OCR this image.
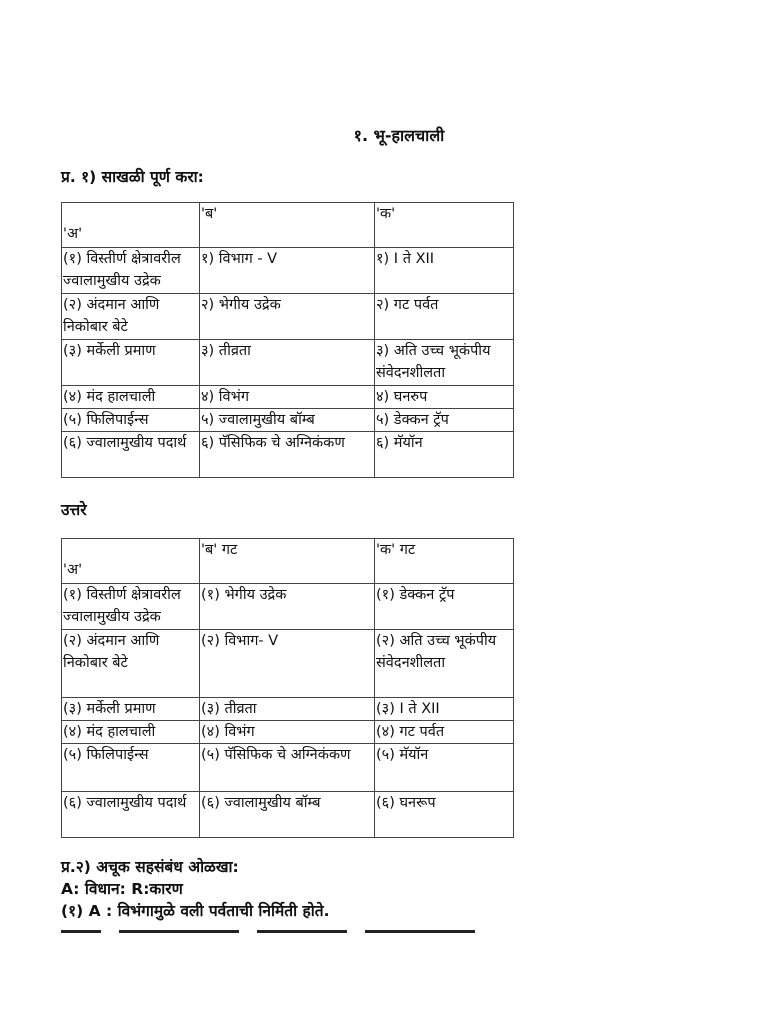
१. भू-हालचाली
प्र. १) साखळी पूर्ण करा:
'अ'	'ब'	'क'
(१) विस्तीर्ण क्षेत्रावरील ज्वालामुखीय उद्रेक	१) विभाग - V	१) I ते XII
(२) अंदमान आणि निकोबार बेटे	२) भेगीय उद्रेक	२) गट पर्वत
(३) मर्केली प्रमाण	३) तीव्रता	३) अति उच्च भूकंपीय संवेदनशीलता
(४) मंद हालचाली	४) विभंग	४) घनरुप
(५) फिलिपाईन्स	५) ज्वालामुखीय बॉम्ब	५) डेक्कन ट्रॅप
(६) ज्वालामुखीय पदार्थ	६) पॅसिफिक चे अग्निकंकण	६) मॅयॉन
उत्तरे
'अ'	'ब' गट	'क' गट
(१) विस्तीर्ण क्षेत्रावरील ज्वालामुखीय उद्रेक	(१) भेगीय उद्रेक	(१) डेक्कन ट्रॅप
(२) अंदमान आणि निकोबार बेटे	(२) विभाग- V	(२) अति उच्च भूकंपीय संवेदनशीलता
(३) मर्केली प्रमाण	(३) तीव्रता	(३) I ते XII
(४) मंद हालचाली	(४) विभंग	(४) गट पर्वत
(५) फिलिपाईन्स	(५) पॅसिफिक चे अग्निकंकण	(५) मॅयॉन
(६) ज्वालामुखीय पदार्थ	(६) ज्वालामुखीय बॉम्ब	(६) घनरूप
प्र.२) अचूक सहसंबंध ओळखा:
A: विधान: R:कारण
(१) A : विभंगामुळे वली पर्वताची निर्मिती होते.
